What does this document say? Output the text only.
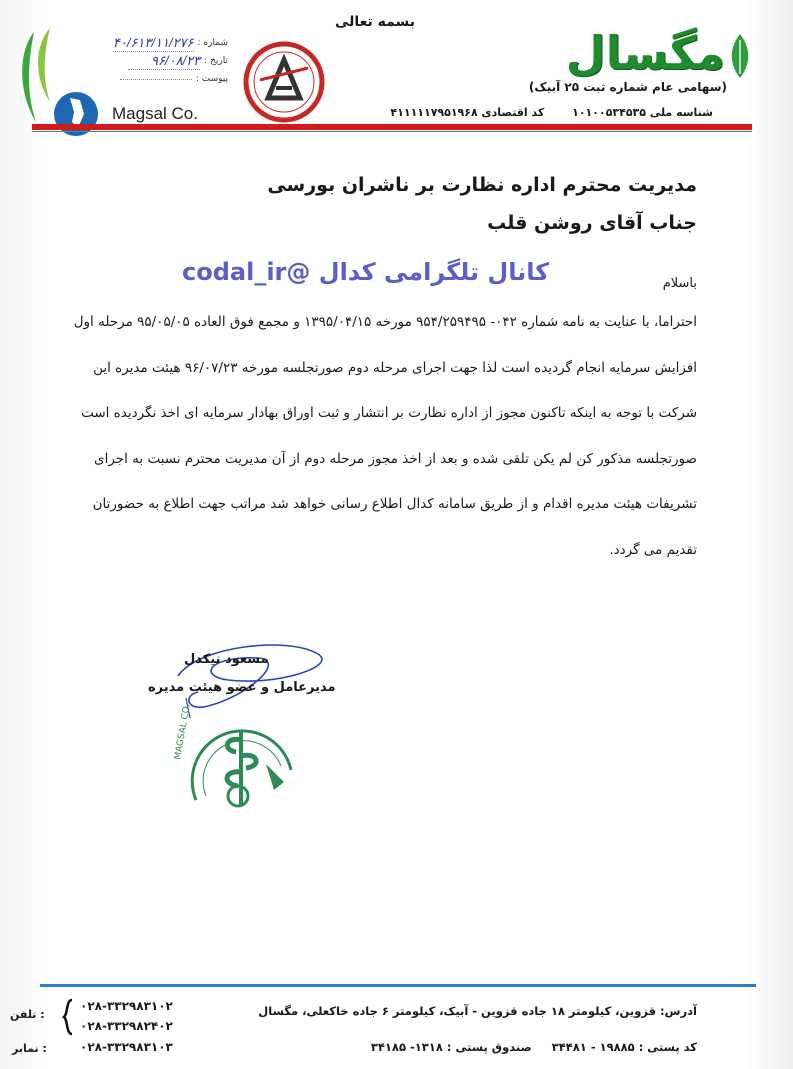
بسمه تعالی
مگسال
(سهامی عام شماره ثبت ۲۵ آبیک)
شناسه ملی ۱۰۱۰۰۵۳۴۵۳۵ کد اقتصادی ۴۱۱۱۱۱۷۹۵۱۹۶۸
Magsal Co.
: شماره
۴۰/۶۱۳/۱۱/۲۷۶
: تاریخ
۹۶/۰۸/۲۳
: پیوست
مدیریت محترم اداره نظارت بر ناشران بورسی
جناب آقای روشن قلب
کانال تلگرامی کدال @codal_ir	باسلام

احتراما، با عنایت به نامه شماره ۰۴۲- ۹۵۴/۲۵۹۴۹۵ مورخه ۱۳۹۵/۰۴/۱۵ و مجمع فوق العاده ۹۵/۰۵/۰۵ مرحله اول

افزایش سرمایه انجام گردیده است لذا جهت اجرای مرحله دوم صورتجلسه مورخه ۹۶/۰۷/۲۳ هیئت مدیره این

شرکت با توجه به اینکه تاکنون مجوز از اداره نظارت بر انتشار و ثبت اوراق بهادار سرمایه ای اخذ نگردیده است

صورتجلسه مذکور کن لم یکن تلقی شده و بعد از اخذ مجوز مرحله دوم از آن مدیریت محترم نسبت به اجرای

تشریفات هیئت مدیره اقدام و از طریق سامانه کدال اطلاع رسانی خواهد شد مراتب جهت اطلاع به حضورتان

تقدیم می گردد.

مسعود نیکدل
مدیرعامل و عضو هیئت مدیره
MAGSAL CO.
آدرس: قزوین، کیلومتر ۱۸ جاده قزوین - آبیک، کیلومتر ۶ جاده خاکعلی، مگسال
کد پستی : ۱۹۸۸۵ - ۳۴۴۸۱ صندوق پستی : ۱۳۱۸- ۳۴۱۸۵
۰۲۸-۳۳۲۹۸۳۱۰۲
۰۲۸-۳۳۲۹۸۲۴۰۲
: تلفن
۰۲۸-۳۳۲۹۸۳۱۰۳
: نمابر
